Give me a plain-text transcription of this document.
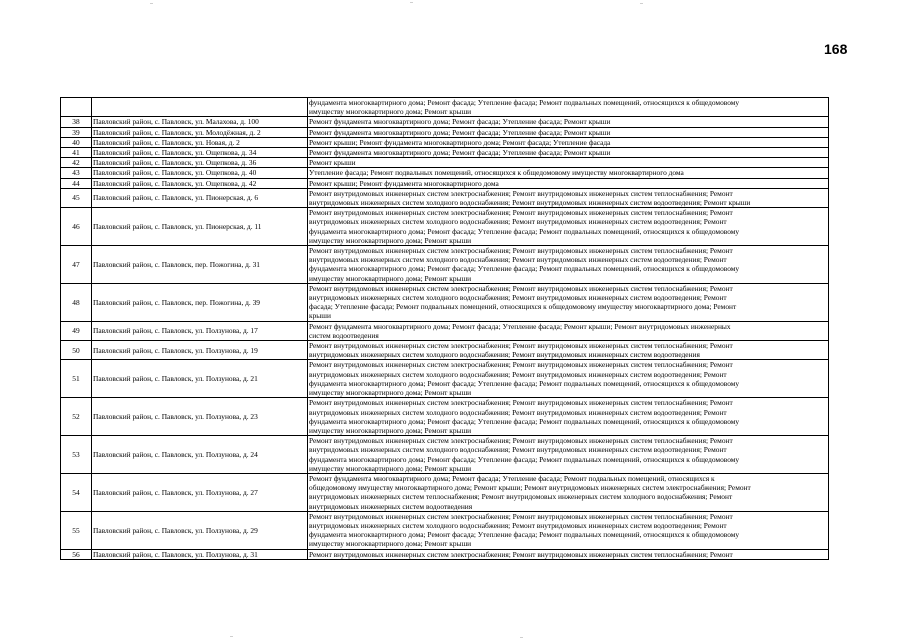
168

		фундамента многоквартирного дома; Ремонт фасада; Утепление фасада; Ремонт подвальных помещений, относящихся к общедомовому
имуществу многоквартирного дома; Ремонт крыши

38	Павловский район, с. Павловск, ул. Малахова, д. 100	Ремонт фундамента многоквартирного дома; Ремонт фасада; Утепление фасада; Ремонт крыши

39	Павловский район, с. Павловск, ул. Молодёжная, д. 2	Ремонт фундамента многоквартирного дома; Ремонт фасада; Утепление фасада; Ремонт крыши

40	Павловский район, с. Павловск, ул. Новая, д. 2	Ремонт крыши; Ремонт фундамента многоквартирного дома; Ремонт фасада; Утепление фасада

41	Павловский район, с. Павловск, ул. Ощепкова, д. 34	Ремонт фундамента многоквартирного дома; Ремонт фасада; Утепление фасада; Ремонт крыши

42	Павловский район, с. Павловск, ул. Ощепкова, д. 36	Ремонт крыши

43	Павловский район, с. Павловск, ул. Ощепкова, д. 40	Утепление фасада; Ремонт подвальных помещений, относящихся к общедомовому имуществу многоквартирного дома

44	Павловский район, с. Павловск, ул. Ощепкова, д. 42	Ремонт крыши; Ремонт фундамента многоквартирного дома

45	Павловский район, с. Павловск, ул. Пионерская, д. 6	Ремонт внутридомовых инженерных систем электроснабжения; Ремонт внутридомовых инженерных систем теплоснабжения; Ремонт
внутридомовых инженерных систем холодного водоснабжения; Ремонт внутридомовых инженерных систем водоотведения; Ремонт крыши

46	Павловский район, с. Павловск, ул. Пионерская, д. 11	Ремонт внутридомовых инженерных систем электроснабжения; Ремонт внутридомовых инженерных систем теплоснабжения; Ремонт
внутридомовых инженерных систем холодного водоснабжения; Ремонт внутридомовых инженерных систем водоотведения; Ремонт
фундамента многоквартирного дома; Ремонт фасада; Утепление фасада; Ремонт подвальных помещений, относящихся к общедомовому
имуществу многоквартирного дома; Ремонт крыши

47	Павловский район, с. Павловск, пер. Пожогина, д. 31	Ремонт внутридомовых инженерных систем электроснабжения; Ремонт внутридомовых инженерных систем теплоснабжения; Ремонт
внутридомовых инженерных систем холодного водоснабжения; Ремонт внутридомовых инженерных систем водоотведения; Ремонт
фундамента многоквартирного дома; Ремонт фасада; Утепление фасада; Ремонт подвальных помещений, относящихся к общедомовому
имуществу многоквартирного дома; Ремонт крыши

48	Павловский район, с. Павловск, пер. Пожогина, д. 39	Ремонт внутридомовых инженерных систем электроснабжения; Ремонт внутридомовых инженерных систем теплоснабжения; Ремонт
внутридомовых инженерных систем холодного водоснабжения; Ремонт внутридомовых инженерных систем водоотведения; Ремонт
фасада; Утепление фасада; Ремонт подвальных помещений, относящихся к общедомовому имуществу многоквартирного дома; Ремонт
крыши

49	Павловский район, с. Павловск, ул. Ползунова, д. 17	Ремонт фундамента многоквартирного дома; Ремонт фасада; Утепление фасада; Ремонт крыши; Ремонт внутридомовых инженерных
систем водоотведения

50	Павловский район, с. Павловск, ул. Ползунова, д. 19	Ремонт внутридомовых инженерных систем электроснабжения; Ремонт внутридомовых инженерных систем теплоснабжения; Ремонт
внутридомовых инженерных систем холодного водоснабжения; Ремонт внутридомовых инженерных систем водоотведения

51	Павловский район, с. Павловск, ул. Ползунова, д. 21	Ремонт внутридомовых инженерных систем электроснабжения; Ремонт внутридомовых инженерных систем теплоснабжения; Ремонт
внутридомовых инженерных систем холодного водоснабжения; Ремонт внутридомовых инженерных систем водоотведения; Ремонт
фундамента многоквартирного дома; Ремонт фасада; Утепление фасада; Ремонт подвальных помещений, относящихся к общедомовому
имуществу многоквартирного дома; Ремонт крыши

52	Павловский район, с. Павловск, ул. Ползунова, д. 23	Ремонт внутридомовых инженерных систем электроснабжения; Ремонт внутридомовых инженерных систем теплоснабжения; Ремонт
внутридомовых инженерных систем холодного водоснабжения; Ремонт внутридомовых инженерных систем водоотведения; Ремонт
фундамента многоквартирного дома; Ремонт фасада; Утепление фасада; Ремонт подвальных помещений, относящихся к общедомовому
имуществу многоквартирного дома; Ремонт крыши

53	Павловский район, с. Павловск, ул. Ползунова, д. 24	Ремонт внутридомовых инженерных систем электроснабжения; Ремонт внутридомовых инженерных систем теплоснабжения; Ремонт
внутридомовых инженерных систем холодного водоснабжения; Ремонт внутридомовых инженерных систем водоотведения; Ремонт
фундамента многоквартирного дома; Ремонт фасада; Утепление фасада; Ремонт подвальных помещений, относящихся к общедомовому
имуществу многоквартирного дома; Ремонт крыши

54	Павловский район, с. Павловск, ул. Ползунова, д. 27	Ремонт фундамента многоквартирного дома; Ремонт фасада; Утепление фасада; Ремонт подвальных помещений, относящихся к
общедомовому имуществу многоквартирного дома; Ремонт крыши; Ремонт внутридомовых инженерных систем электроснабжения; Ремонт
внутридомовых инженерных систем теплоснабжения; Ремонт внутридомовых инженерных систем холодного водоснабжения; Ремонт
внутридомовых инженерных систем водоотведения

55	Павловский район, с. Павловск, ул. Ползунова, д. 29	Ремонт внутридомовых инженерных систем электроснабжения; Ремонт внутридомовых инженерных систем теплоснабжения; Ремонт
внутридомовых инженерных систем холодного водоснабжения; Ремонт внутридомовых инженерных систем водоотведения; Ремонт
фундамента многоквартирного дома; Ремонт фасада; Утепление фасада; Ремонт подвальных помещений, относящихся к общедомовому
имуществу многоквартирного дома; Ремонт крыши

56	Павловский район, с. Павловск, ул. Ползунова, д. 31	Ремонт внутридомовых инженерных систем электроснабжения; Ремонт внутридомовых инженерных систем теплоснабжения; Ремонт
